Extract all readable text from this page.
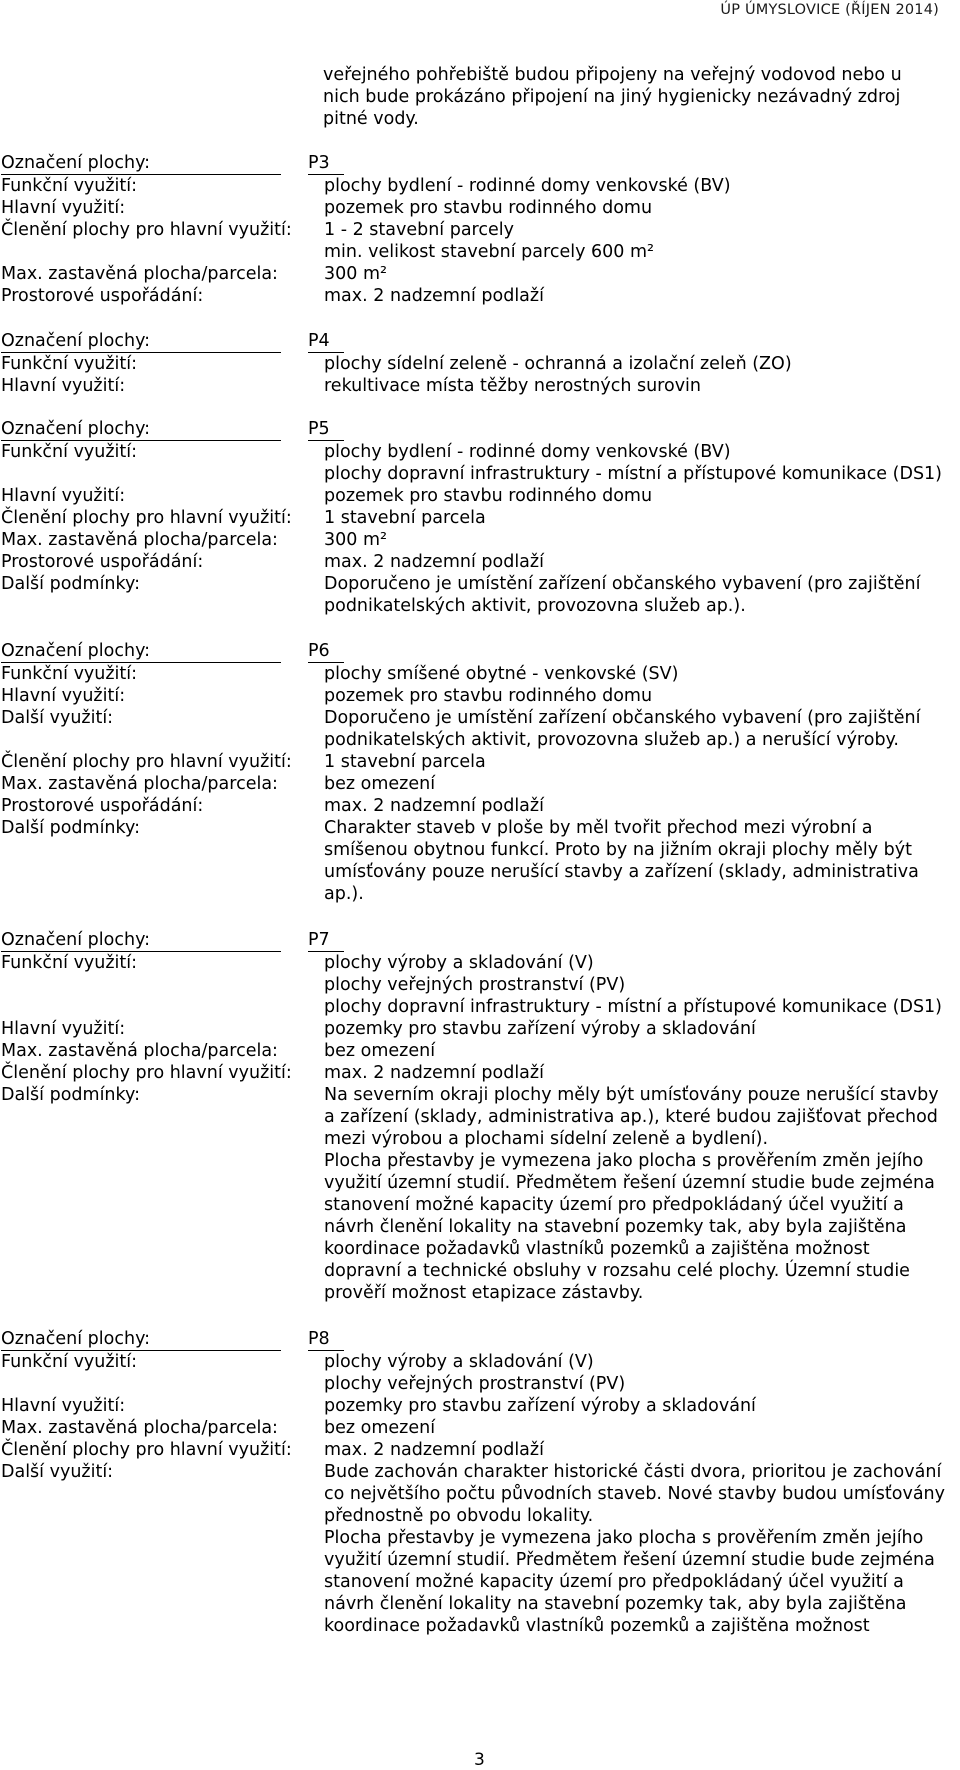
ÚP ÚMYSLOVICE (ŘÍJEN 2014)
veřejného pohřebiště budou připojeny na veřejný vodovod nebo u nich bude prokázáno připojení na jiný hygienicky nezávadný zdroj pitné vody.
Označení plochy:	P3
Funkční využití:	plochy bydlení - rodinné domy venkovské (BV)
Hlavní využití:	pozemek pro stavbu rodinného domu
Členění plochy pro hlavní využití: 1 - 2 stavební parcely
min. velikost stavební parcely 600 m²
Max. zastavěná plocha/parcela:	300 m²
Prostorové uspořádání:	max. 2 nadzemní podlaží
Označení plochy:	P4
Funkční využití:	plochy sídelní zeleně - ochranná a izolační zeleň (ZO)
Hlavní využití:	rekultivace místa těžby nerostných surovin
Označení plochy:	P5
Funkční využití:	plochy bydlení - rodinné domy venkovské (BV)
plochy dopravní infrastruktury - místní a přístupové komunikace (DS1)
Hlavní využití:	pozemek pro stavbu rodinného domu
Členění plochy pro hlavní využití: 1 stavební parcela
Max. zastavěná plocha/parcela:	300 m²
Prostorové uspořádání:	max. 2 nadzemní podlaží
Další podmínky:	Doporučeno je umístění zařízení občanského vybavení (pro zajištění
podnikatelských aktivit, provozovna služeb ap.).
Označení plochy:	P6
Funkční využití:	plochy smíšené obytné - venkovské (SV)
Hlavní využití:	pozemek pro stavbu rodinného domu
Další využití:	Doporučeno je umístění zařízení občanského vybavení (pro zajištění
podnikatelských aktivit, provozovna služeb ap.) a nerušící výroby.
Členění plochy pro hlavní využití: 1 stavební parcela
Max. zastavěná plocha/parcela:	bez omezení
Prostorové uspořádání:	max. 2 nadzemní podlaží
Další podmínky:	Charakter staveb v ploše by měl tvořit přechod mezi výrobní a
smíšenou obytnou funkcí. Proto by na jižním okraji plochy měly být
umísťovány pouze nerušící stavby a zařízení (sklady, administrativa
ap.).
Označení plochy:	P7
Funkční využití:	plochy výroby a skladování (V)
plochy veřejných prostranství (PV)
plochy dopravní infrastruktury - místní a přístupové komunikace (DS1)
Hlavní využití:	pozemky pro stavbu zařízení výroby a skladování
Max. zastavěná plocha/parcela:	bez omezení
Členění plochy pro hlavní využití: max. 2 nadzemní podlaží
Další podmínky:	Na severním okraji plochy měly být umísťovány pouze nerušící stavby
a zařízení (sklady, administrativa ap.), které budou zajišťovat přechod
mezi výrobou a plochami sídelní zeleně a bydlení).
Plocha přestavby je vymezena jako plocha s prověřením změn jejího
využití územní studií. Předmětem řešení územní studie bude zejména
stanovení možné kapacity území pro předpokládaný účel využití a
návrh členění lokality na stavební pozemky tak, aby byla zajištěna
koordinace požadavků vlastníků pozemků a zajištěna možnost
dopravní a technické obsluhy v rozsahu celé plochy. Územní studie
prověří možnost etapizace zástavby.
Označení plochy:	P8
Funkční využití:	plochy výroby a skladování (V)
plochy veřejných prostranství (PV)
Hlavní využití:	pozemky pro stavbu zařízení výroby a skladování
Max. zastavěná plocha/parcela:	bez omezení
Členění plochy pro hlavní využití: max. 2 nadzemní podlaží
Další využití:	Bude zachován charakter historické části dvora, prioritou je zachování
co největšího počtu původních staveb. Nové stavby budou umísťovány
přednostně po obvodu lokality.
Plocha přestavby je vymezena jako plocha s prověřením změn jejího
využití územní studií. Předmětem řešení územní studie bude zejména
stanovení možné kapacity území pro předpokládaný účel využití a
návrh členění lokality na stavební pozemky tak, aby byla zajištěna
koordinace požadavků vlastníků pozemků a zajištěna možnost
3
